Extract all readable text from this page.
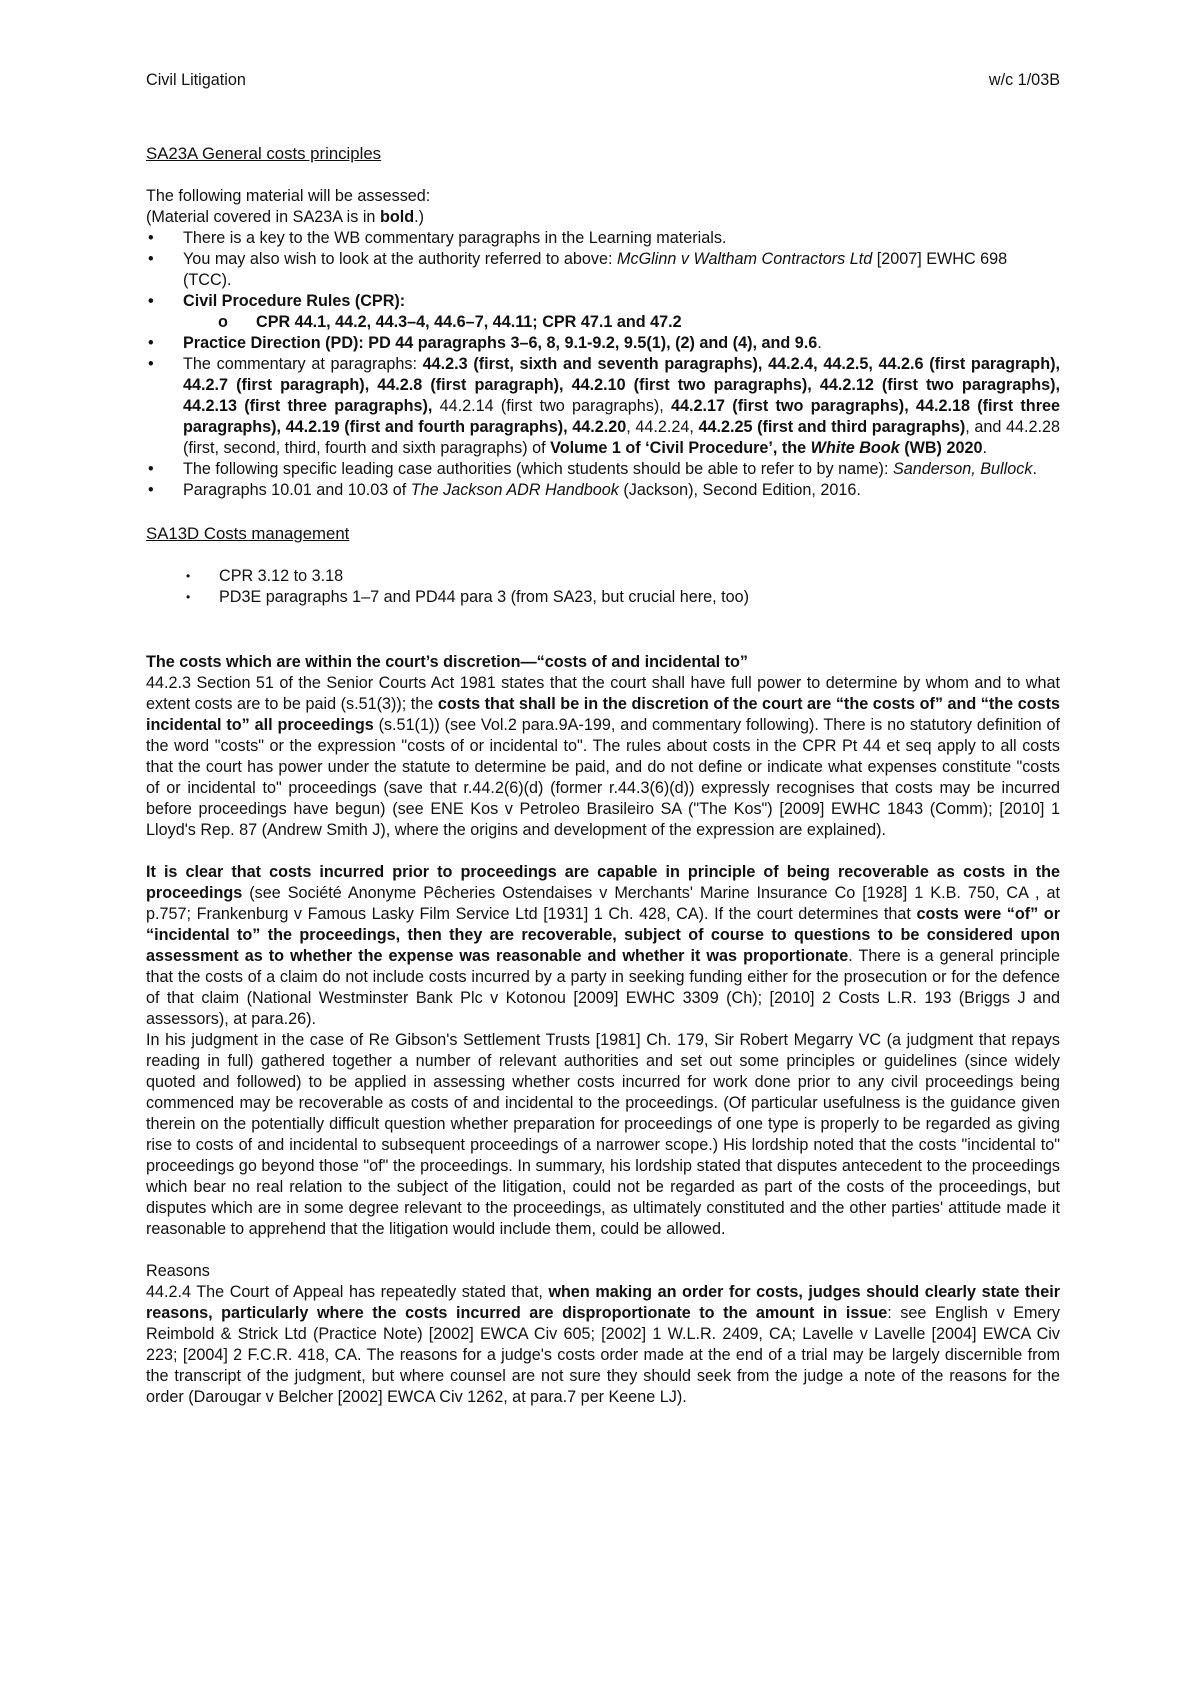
Civil Litigation	w/c 1/03B

SA23A General costs principles

The following material will be assessed:

(Material covered in SA23A is in bold.)

• There is a key to the WB commentary paragraphs in the Learning materials.
• You may also wish to look at the authority referred to above: McGlinn v Waltham Contractors Ltd [2007] EWHC 698 (TCC).
• Civil Procedure Rules (CPR):
o CPR 44.1, 44.2, 44.3–4, 44.6–7, 44.11; CPR 47.1 and 47.2
• Practice Direction (PD): PD 44 paragraphs 3–6, 8, 9.1-9.2, 9.5(1), (2) and (4), and 9.6.
• The commentary at paragraphs: 44.2.3 (first, sixth and seventh paragraphs), 44.2.4, 44.2.5, 44.2.6 (first paragraph), 44.2.7 (first paragraph), 44.2.8 (first paragraph), 44.2.10 (first two paragraphs), 44.2.12 (first two paragraphs), 44.2.13 (first three paragraphs), 44.2.14 (first two paragraphs), 44.2.17 (first two paragraphs), 44.2.18 (first three paragraphs), 44.2.19 (first and fourth paragraphs), 44.2.20, 44.2.24, 44.2.25 (first and third paragraphs), and 44.2.28 (first, second, third, fourth and sixth paragraphs) of Volume 1 of ‘Civil Procedure’, the White Book (WB) 2020.
• The following specific leading case authorities (which students should be able to refer to by name): Sanderson, Bullock.
• Paragraphs 10.01 and 10.03 of The Jackson ADR Handbook (Jackson), Second Edition, 2016.

SA13D Costs management

• CPR 3.12 to 3.18
• PD3E paragraphs 1–7 and PD44 para 3 (from SA23, but crucial here, too)

The costs which are within the court’s discretion—“costs of and incidental to”

44.2.3 Section 51 of the Senior Courts Act 1981 states that the court shall have full power to determine by whom and to what extent costs are to be paid (s.51(3)); the costs that shall be in the discretion of the court are “the costs of” and “the costs incidental to” all proceedings (s.51(1)) (see Vol.2 para.9A-199, and commentary following). There is no statutory definition of the word "costs" or the expression "costs of or incidental to". The rules about costs in the CPR Pt 44 et seq apply to all costs that the court has power under the statute to determine be paid, and do not define or indicate what expenses constitute "costs of or incidental to" proceedings (save that r.44.2(6)(d) (former r.44.3(6)(d)) expressly recognises that costs may be incurred before proceedings have begun) (see ENE Kos v Petroleo Brasileiro SA ("The Kos") [2009] EWHC 1843 (Comm); [2010] 1 Lloyd's Rep. 87 (Andrew Smith J), where the origins and development of the expression are explained).

It is clear that costs incurred prior to proceedings are capable in principle of being recoverable as costs in the proceedings (see Société Anonyme Pêcheries Ostendaises v Merchants' Marine Insurance Co [1928] 1 K.B. 750, CA , at p.757; Frankenburg v Famous Lasky Film Service Ltd [1931] 1 Ch. 428, CA). If the court determines that costs were “of” or “incidental to” the proceedings, then they are recoverable, subject of course to questions to be considered upon assessment as to whether the expense was reasonable and whether it was proportionate. There is a general principle that the costs of a claim do not include costs incurred by a party in seeking funding either for the prosecution or for the defence of that claim (National Westminster Bank Plc v Kotonou [2009] EWHC 3309 (Ch); [2010] 2 Costs L.R. 193 (Briggs J and assessors), at para.26).

In his judgment in the case of Re Gibson's Settlement Trusts [1981] Ch. 179, Sir Robert Megarry VC (a judgment that repays reading in full) gathered together a number of relevant authorities and set out some principles or guidelines (since widely quoted and followed) to be applied in assessing whether costs incurred for work done prior to any civil proceedings being commenced may be recoverable as costs of and incidental to the proceedings. (Of particular usefulness is the guidance given therein on the potentially difficult question whether preparation for proceedings of one type is properly to be regarded as giving rise to costs of and incidental to subsequent proceedings of a narrower scope.) His lordship noted that the costs "incidental to" proceedings go beyond those "of" the proceedings. In summary, his lordship stated that disputes antecedent to the proceedings which bear no real relation to the subject of the litigation, could not be regarded as part of the costs of the proceedings, but disputes which are in some degree relevant to the proceedings, as ultimately constituted and the other parties' attitude made it reasonable to apprehend that the litigation would include them, could be allowed.

Reasons

44.2.4 The Court of Appeal has repeatedly stated that, when making an order for costs, judges should clearly state their reasons, particularly where the costs incurred are disproportionate to the amount in issue: see English v Emery Reimbold & Strick Ltd (Practice Note) [2002] EWCA Civ 605; [2002] 1 W.L.R. 2409, CA; Lavelle v Lavelle [2004] EWCA Civ 223; [2004] 2 F.C.R. 418, CA. The reasons for a judge's costs order made at the end of a trial may be largely discernible from the transcript of the judgment, but where counsel are not sure they should seek from the judge a note of the reasons for the order (Darougar v Belcher [2002] EWCA Civ 1262, at para.7 per Keene LJ).
